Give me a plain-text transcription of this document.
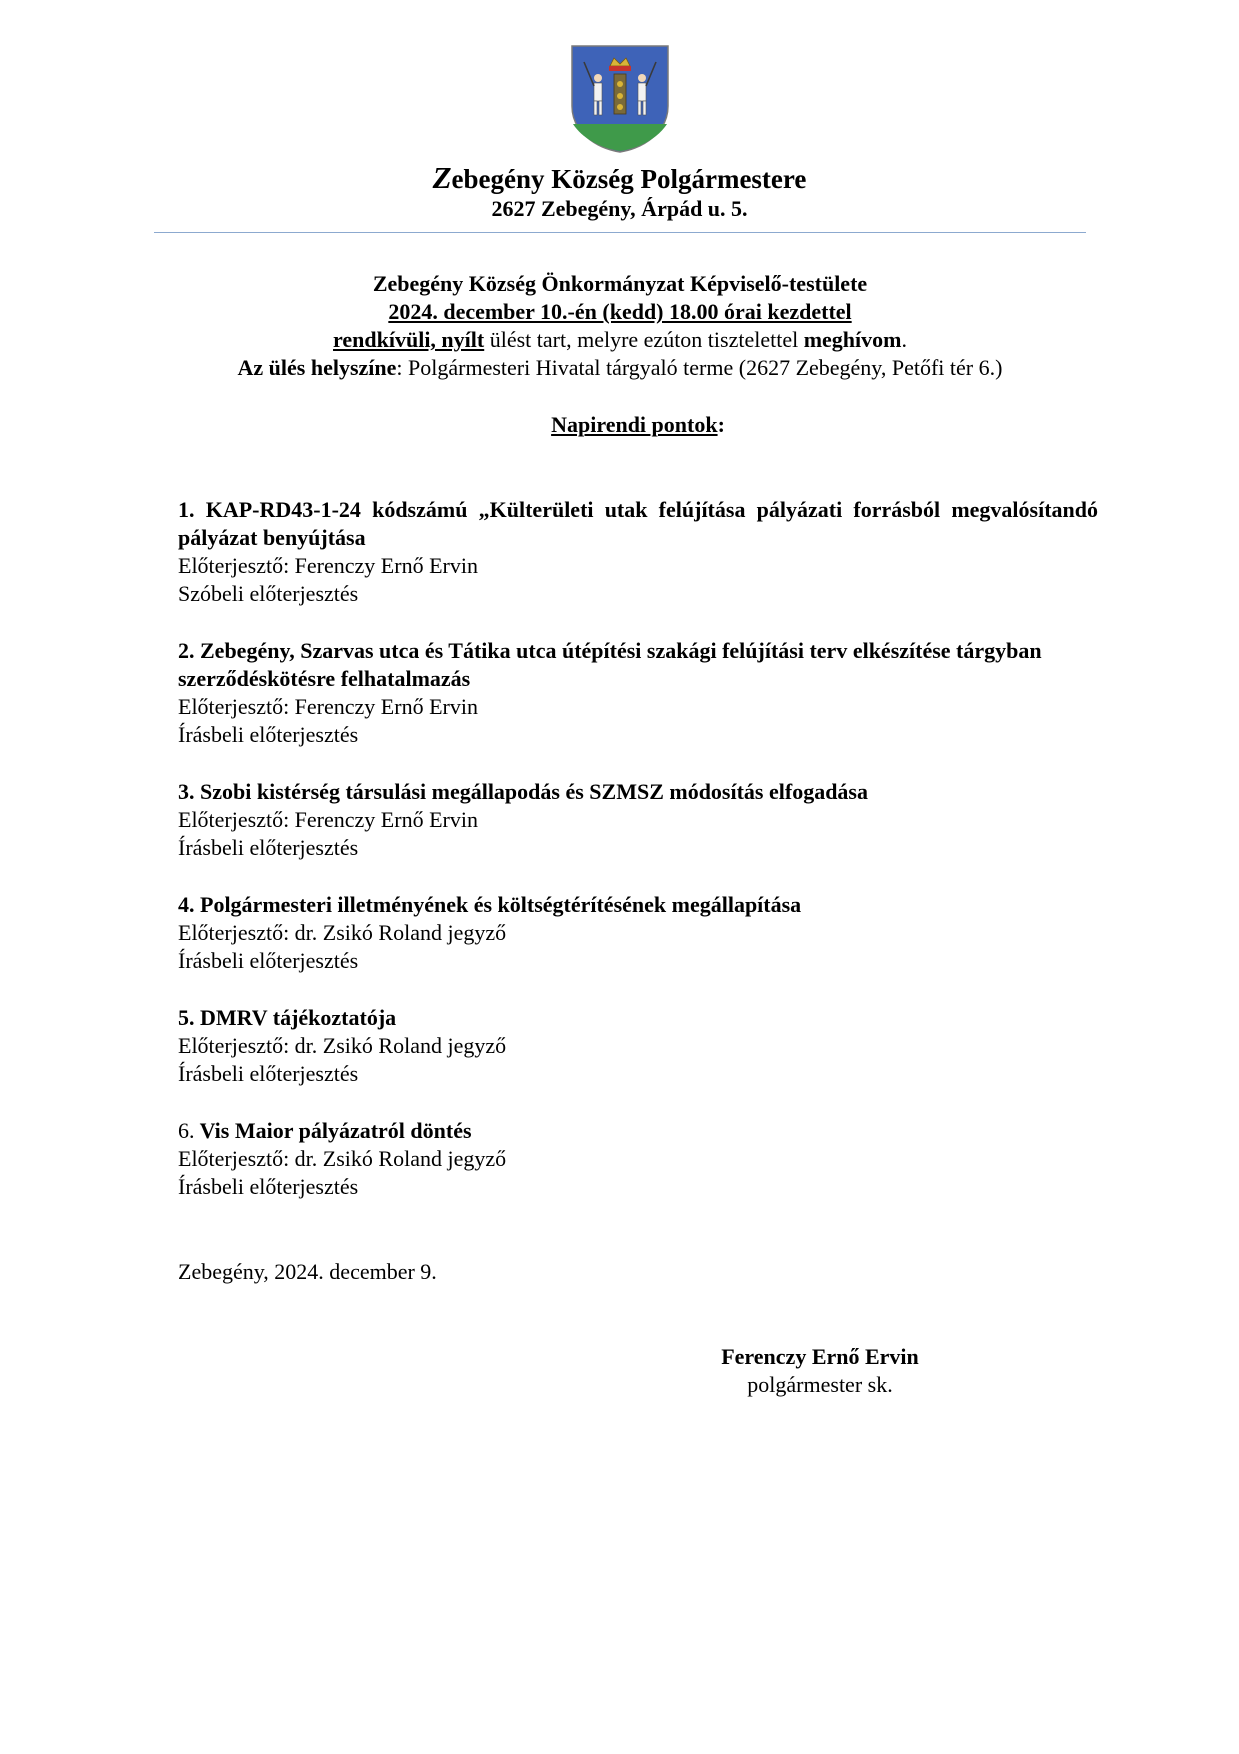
Zebegény Község Polgármestere
2627 Zebegény, Árpád u. 5.
Zebegény Község Önkormányzat Képviselő-testülete
2024. december 10.-én (kedd) 18.00 órai kezdettel
rendkívüli, nyílt ülést tart, melyre ezúton tisztelettel meghívom.
Az ülés helyszíne: Polgármesteri Hivatal tárgyaló terme (2627 Zebegény, Petőfi tér 6.)
Napirendi pontok:
1. KAP-RD43-1-24 kódszámú „Külterületi utak felújítása pályázati forrásból megvalósítandó pályázat benyújtása
Előterjesztő: Ferenczy Ernő Ervin
Szóbeli előterjesztés
2. Zebegény, Szarvas utca és Tátika utca útépítési szakági felújítási terv elkészítése tárgyban szerződéskötésre felhatalmazás
Előterjesztő: Ferenczy Ernő Ervin
Írásbeli előterjesztés
3. Szobi kistérség társulási megállapodás és SZMSZ módosítás elfogadása
Előterjesztő: Ferenczy Ernő Ervin
Írásbeli előterjesztés
4. Polgármesteri illetményének és költségtérítésének megállapítása
Előterjesztő: dr. Zsikó Roland jegyző
Írásbeli előterjesztés
5. DMRV tájékoztatója
Előterjesztő: dr. Zsikó Roland jegyző
Írásbeli előterjesztés
6. Vis Maior pályázatról döntés
Előterjesztő: dr. Zsikó Roland jegyző
Írásbeli előterjesztés
Zebegény, 2024. december 9.
Ferenczy Ernő Ervin
polgármester sk.
